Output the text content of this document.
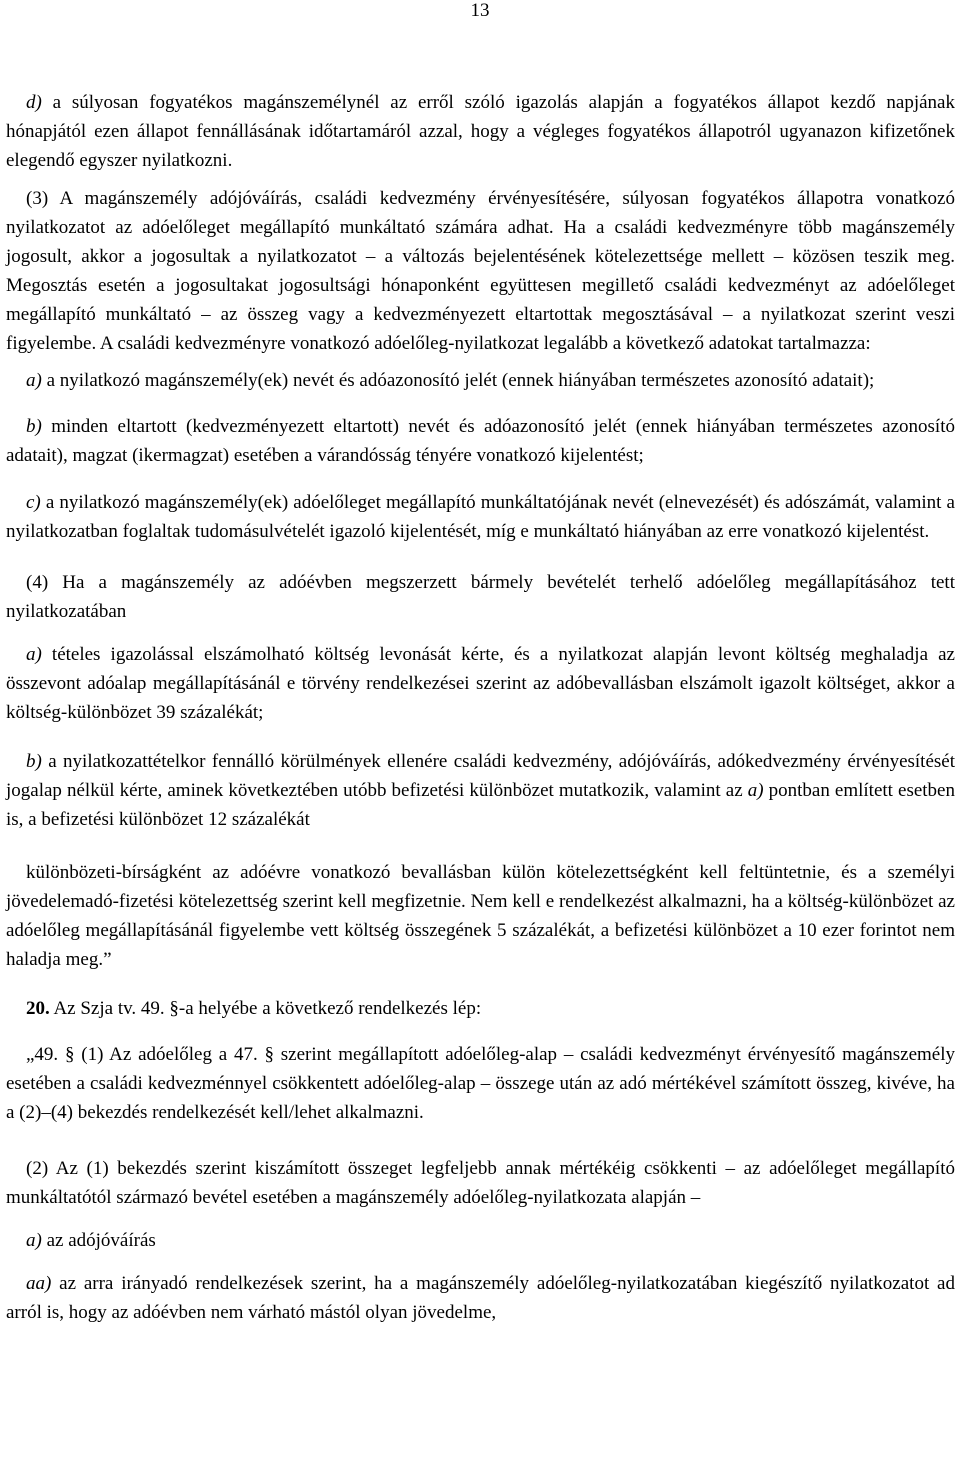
13

d) a súlyosan fogyatékos magánszemélynél az erről szóló igazolás alapján a fogyatékos állapot kezdő napjának hónapjától ezen állapot fennállásának időtartamáról azzal, hogy a végleges fogyatékos állapotról ugyanazon kifizetőnek elegendő egyszer nyilatkozni.

(3) A magánszemély adójóváírás, családi kedvezmény érvényesítésére, súlyosan fogyatékos állapotra vonatkozó nyilatkozatot az adóelőleget megállapító munkáltató számára adhat. Ha a családi kedvezményre több magánszemély jogosult, akkor a jogosultak a nyilatkozatot – a változás bejelentésének kötelezettsége mellett – közösen teszik meg. Megosztás esetén a jogosultakat jogosultsági hónaponként együttesen megillető családi kedvezményt az adóelőleget megállapító munkáltató – az összeg vagy a kedvezményezett eltartottak megosztásával – a nyilatkozat szerint veszi figyelembe. A családi kedvezményre vonatkozó adóelőleg-nyilatkozat legalább a következő adatokat tartalmazza:

a) a nyilatkozó magánszemély(ek) nevét és adóazonosító jelét (ennek hiányában természetes azonosító adatait);

b) minden eltartott (kedvezményezett eltartott) nevét és adóazonosító jelét (ennek hiányában természetes azonosító adatait), magzat (ikermagzat) esetében a várandósság tényére vonatkozó kijelentést;

c) a nyilatkozó magánszemély(ek) adóelőleget megállapító munkáltatójának nevét (elnevezését) és adószámát, valamint a nyilatkozatban foglaltak tudomásulvételét igazoló kijelentését, míg e munkáltató hiányában az erre vonatkozó kijelentést.

(4) Ha a magánszemély az adóévben megszerzett bármely bevételét terhelő adóelőleg megállapításához tett nyilatkozatában

a) tételes igazolással elszámolható költség levonását kérte, és a nyilatkozat alapján levont költség meghaladja az összevont adóalap megállapításánál e törvény rendelkezései szerint az adóbevallásban elszámolt igazolt költséget, akkor a költség-különbözet 39 százalékát;

b) a nyilatkozattételkor fennálló körülmények ellenére családi kedvezmény, adójóváírás, adókedvezmény érvényesítését jogalap nélkül kérte, aminek következtében utóbb befizetési különbözet mutatkozik, valamint az a) pontban említett esetben is, a befizetési különbözet 12 százalékát

különbözeti-bírságként az adóévre vonatkozó bevallásban külön kötelezettségként kell feltüntetnie, és a személyi jövedelemadó-fizetési kötelezettség szerint kell megfizetnie. Nem kell e rendelkezést alkalmazni, ha a költség-különbözet az adóelőleg megállapításánál figyelembe vett költség összegének 5 százalékát, a befizetési különbözet a 10 ezer forintot nem haladja meg.”

20. Az Szja tv. 49. §-a helyébe a következő rendelkezés lép:

„49. § (1) Az adóelőleg a 47. § szerint megállapított adóelőleg-alap – családi kedvezményt érvényesítő magánszemély esetében a családi kedvezménnyel csökkentett adóelőleg-alap – összege után az adó mértékével számított összeg, kivéve, ha a (2)–(4) bekezdés rendelkezését kell/lehet alkalmazni.

(2) Az (1) bekezdés szerint kiszámított összeget legfeljebb annak mértékéig csökkenti – az adóelőleget megállapító munkáltatótól származó bevétel esetében a magánszemély adóelőleg-nyilatkozata alapján –

a) az adójóváírás

aa) az arra irányadó rendelkezések szerint, ha a magánszemély adóelőleg-nyilatkozatában kiegészítő nyilatkozatot ad arról is, hogy az adóévben nem várható mástól olyan jövedelme,
